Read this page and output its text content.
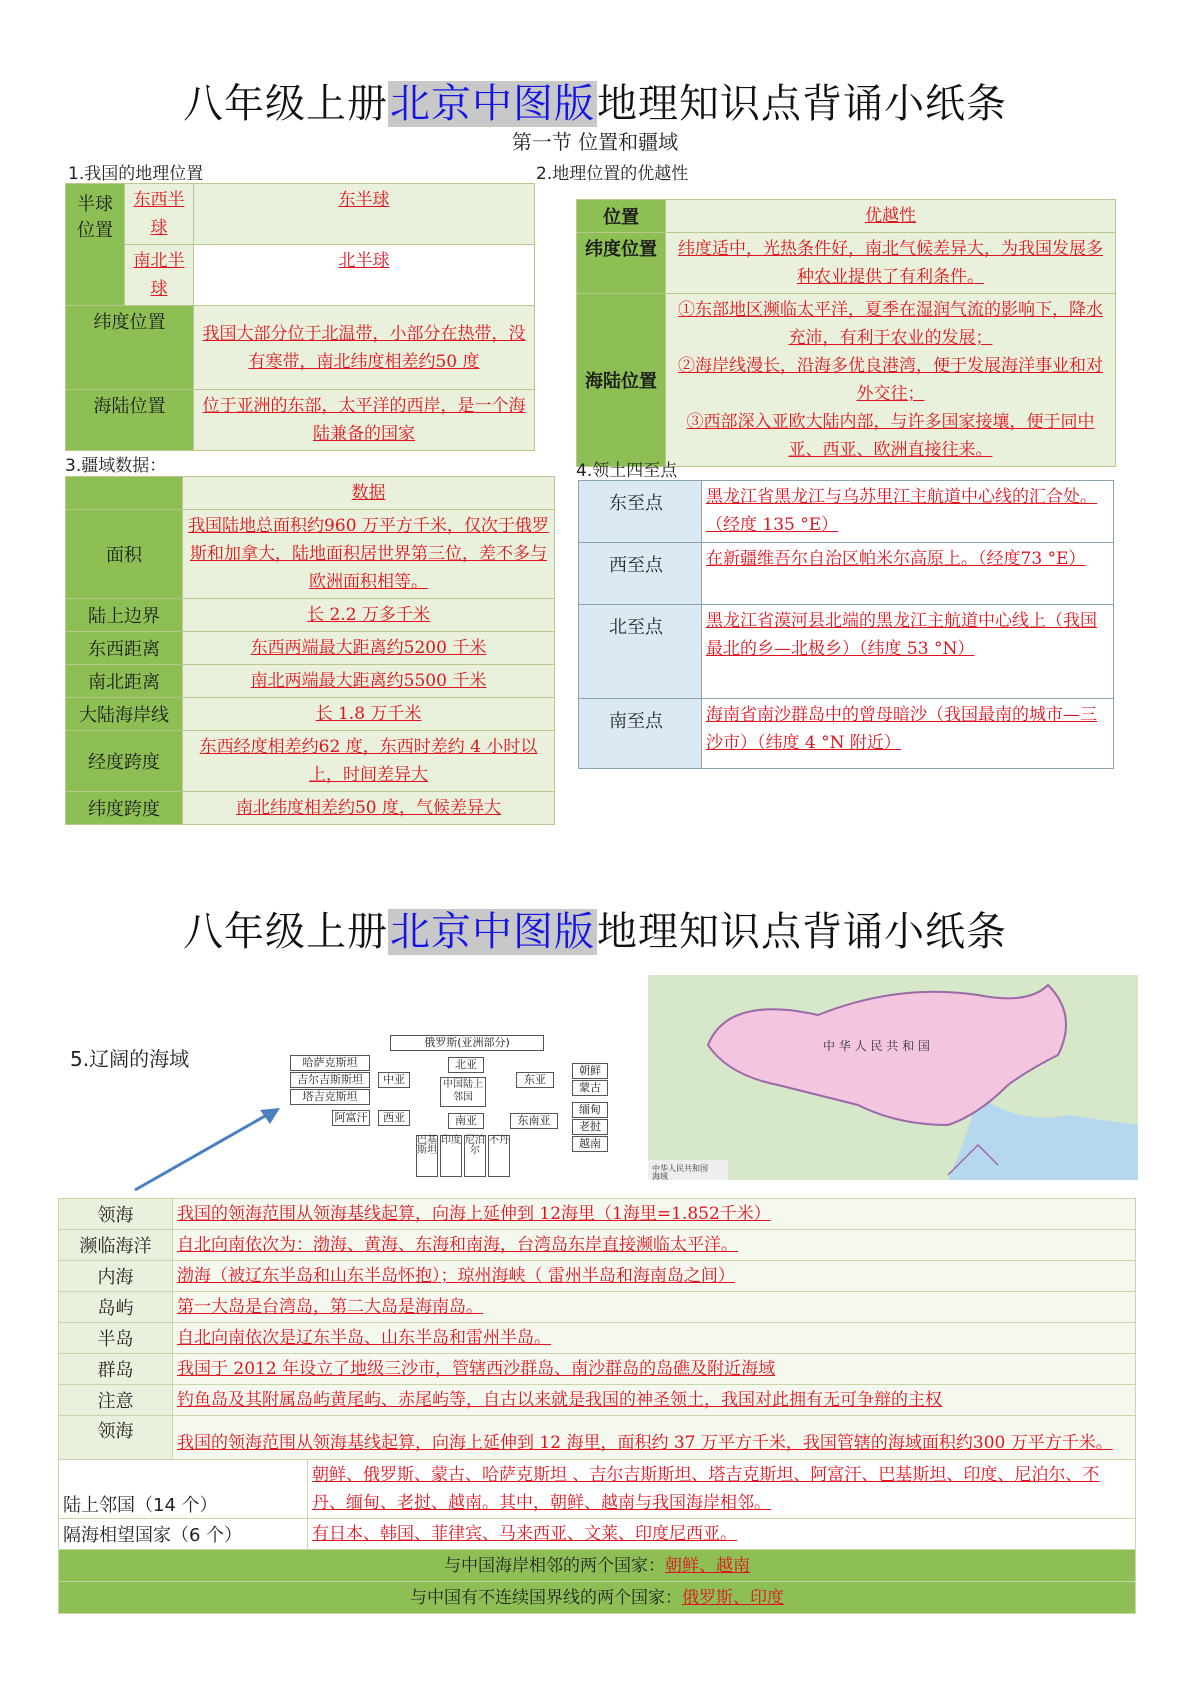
八年级上册北京中图版地理知识点背诵小纸条
第一节 位置和疆域
1.我国的地理位置
半球位置	东西半球	东半球
	南北半球	北半球
纬度位置		我国大部分位于北温带，小部分在热带，没有寒带，南北纬度相差约50 度
海陆位置		位于亚洲的东部，太平洋的西岸，是一个海陆兼备的国家
2.地理位置的优越性
位置	优越性
纬度位置	纬度适中，光热条件好，南北气候差异大，为我国发展多种农业提供了有利条件。
海陆位置	①东部地区濒临太平洋，夏季在湿润气流的影响下，降水充沛，有利于农业的发展；
②海岸线漫长，沿海多优良港湾，便于发展海洋事业和对外交往；
③西部深入亚欧大陆内部，与许多国家接壤，便于同中亚、西亚、欧洲直接往来。
3.疆域数据：
	数据
面积	我国陆地总面积约960 万平方千米，仅次于俄罗斯和加拿大，陆地面积居世界第三位，差不多与欧洲面积相等。
陆上边界	长 2.2 万多千米
东西距离	东西两端最大距离约5200 千米
南北距离	南北两端最大距离约5500 千米
大陆海岸线	长 1.8 万千米
经度跨度	东西经度相差约62 度，东西时差约 4 小时以上，时间差异大
纬度跨度	南北纬度相差约50 度，气候差异大
4.领土四至点
东至点	黑龙江省黑龙江与乌苏里江主航道中心线的汇合处。（经度 135 °E）
西至点	在新疆维吾尔自治区帕米尔高原上。（经度73 °E）
北至点	黑龙江省漠河县北端的黑龙江主航道中心线上（我国最北的乡—北极乡）（纬度 53 °N）
南至点	海南省南沙群岛中的曾母暗沙（我国最南的城市—三沙市）（纬度 4 °N 附近）
八年级上册北京中图版地理知识点背诵小纸条
5.辽阔的海域
俄罗斯(亚洲部分)
哈萨克斯坦
吉尔吉斯斯坦
塔吉克斯坦
阿富汗
中亚
西亚
北亚
中国陆上邻国
南亚
东亚
东南亚
朝鲜
蒙古
缅甸
老挝
越南
巴基斯坦
印度 尼泊尔
不丹
中 华 人 民 共 和 国
中华人民共和国
海域
领海	我国的领海范围从领海基线起算，向海上延伸到 12海里（1海里=1.852千米）
濒临海洋	自北向南依次为：渤海、黄海、东海和南海，台湾岛东岸直接濒临太平洋。
内海	渤海（被辽东半岛和山东半岛怀抱）；琼州海峡（ 雷州半岛和海南岛之间）
岛屿	第一大岛是台湾岛，第二大岛是海南岛。
半岛	自北向南依次是辽东半岛、山东半岛和雷州半岛。
群岛	我国于 2012 年设立了地级三沙市，管辖西沙群岛、南沙群岛的岛礁及附近海域
注意	钓鱼岛及其附属岛屿黄尾屿、赤尾屿等，自古以来就是我国的神圣领土，我国对此拥有无可争辩的主权
领海	我国的领海范围从领海基线起算，向海上延伸到 12 海里，面积约 37 万平方千米，我国管辖的海域面积约300 万平方千米。
陆上邻国（14 个）	朝鲜、俄罗斯、蒙古、哈萨克斯坦 、吉尔吉斯斯坦、塔吉克斯坦、阿富汗、巴基斯坦、印度、尼泊尔、不丹、缅甸、老挝、越南。其中，朝鲜、越南与我国海岸相邻。
隔海相望国家（6 个）	有日本、韩国、菲律宾、马来西亚、文莱、印度尼西亚。
与中国海岸相邻的两个国家：朝鲜、越南	
与中国有不连续国界线的两个国家：俄罗斯、印度	
